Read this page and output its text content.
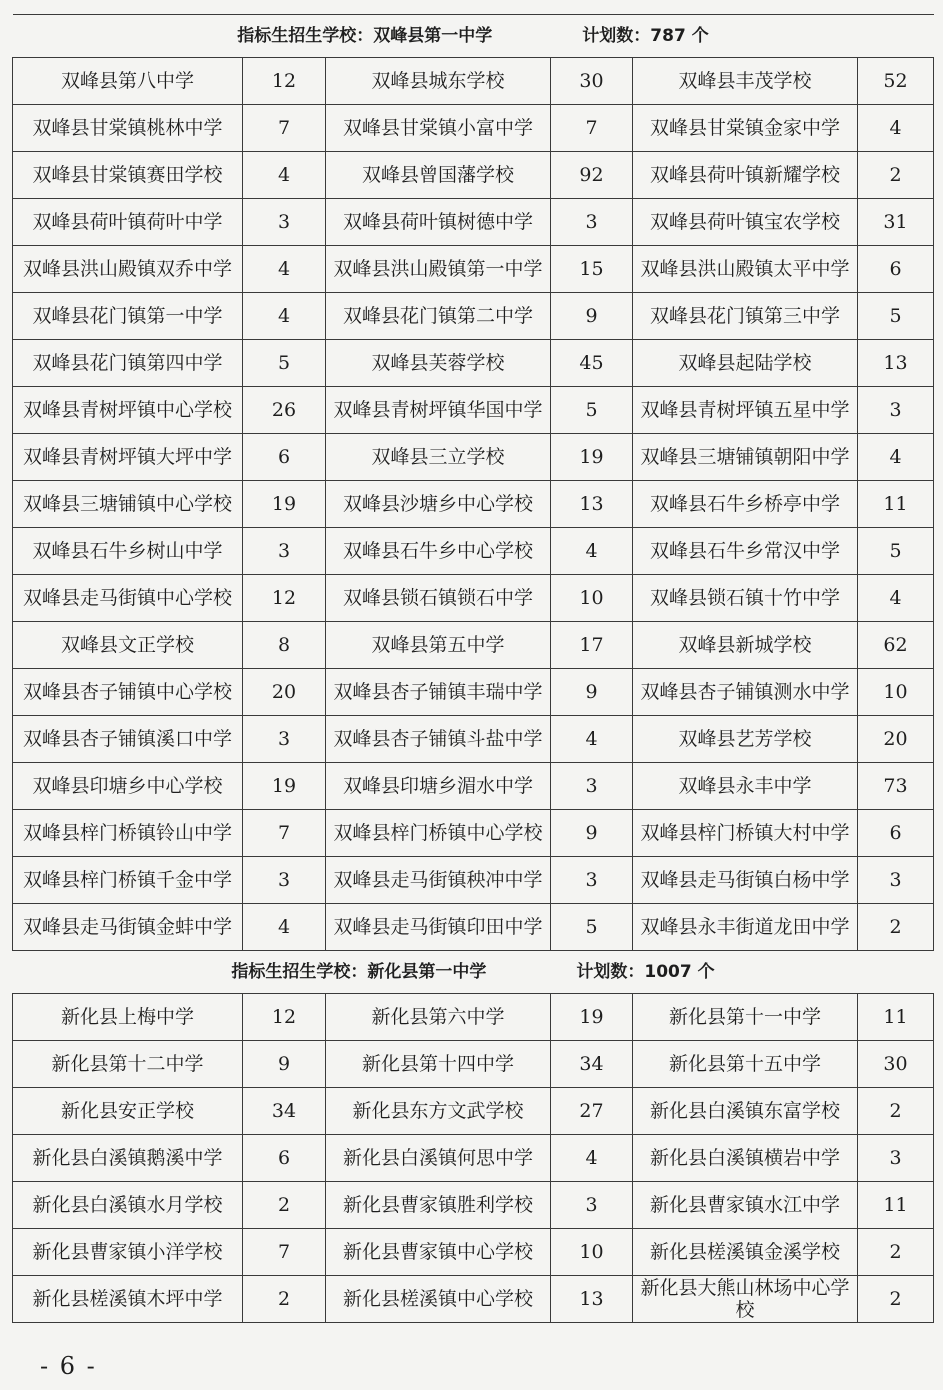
指标生招生学校：双峰县第一中学 计划数：787 个					
双峰县第八中学	12	双峰县城东学校	30	双峰县丰茂学校	52
双峰县甘棠镇桃林中学	7	双峰县甘棠镇小富中学	7	双峰县甘棠镇金家中学	4
双峰县甘棠镇赛田学校	4	双峰县曾国藩学校	92	双峰县荷叶镇新耀学校	2
双峰县荷叶镇荷叶中学	3	双峰县荷叶镇树德中学	3	双峰县荷叶镇宝农学校	31
双峰县洪山殿镇双乔中学	4	双峰县洪山殿镇第一中学	15	双峰县洪山殿镇太平中学	6
双峰县花门镇第一中学	4	双峰县花门镇第二中学	9	双峰县花门镇第三中学	5
双峰县花门镇第四中学	5	双峰县芙蓉学校	45	双峰县起陆学校	13
双峰县青树坪镇中心学校	26	双峰县青树坪镇华国中学	5	双峰县青树坪镇五星中学	3
双峰县青树坪镇大坪中学	6	双峰县三立学校	19	双峰县三塘铺镇朝阳中学	4
双峰县三塘铺镇中心学校	19	双峰县沙塘乡中心学校	13	双峰县石牛乡桥亭中学	11
双峰县石牛乡树山中学	3	双峰县石牛乡中心学校	4	双峰县石牛乡常汉中学	5
双峰县走马街镇中心学校	12	双峰县锁石镇锁石中学	10	双峰县锁石镇十竹中学	4
双峰县文正学校	8	双峰县第五中学	17	双峰县新城学校	62
双峰县杏子铺镇中心学校	20	双峰县杏子铺镇丰瑞中学	9	双峰县杏子铺镇测水中学	10
双峰县杏子铺镇溪口中学	3	双峰县杏子铺镇斗盐中学	4	双峰县艺芳学校	20
双峰县印塘乡中心学校	19	双峰县印塘乡湄水中学	3	双峰县永丰中学	73
双峰县梓门桥镇铃山中学	7	双峰县梓门桥镇中心学校	9	双峰县梓门桥镇大村中学	6
双峰县梓门桥镇千金中学	3	双峰县走马街镇秧冲中学	3	双峰县走马街镇白杨中学	3
双峰县走马街镇金蚌中学	4	双峰县走马街镇印田中学	5	双峰县永丰街道龙田中学	2
指标生招生学校：新化县第一中学 计划数：1007 个					
新化县上梅中学	12	新化县第六中学	19	新化县第十一中学	11
新化县第十二中学	9	新化县第十四中学	34	新化县第十五中学	30
新化县安正学校	34	新化县东方文武学校	27	新化县白溪镇东富学校	2
新化县白溪镇鹅溪中学	6	新化县白溪镇何思中学	4	新化县白溪镇横岩中学	3
新化县白溪镇水月学校	2	新化县曹家镇胜利学校	3	新化县曹家镇水江中学	11
新化县曹家镇小洋学校	7	新化县曹家镇中心学校	10	新化县槎溪镇金溪学校	2
新化县槎溪镇木坪中学	2	新化县槎溪镇中心学校	13	新化县大熊山林场中心学校	2
- 6 -
